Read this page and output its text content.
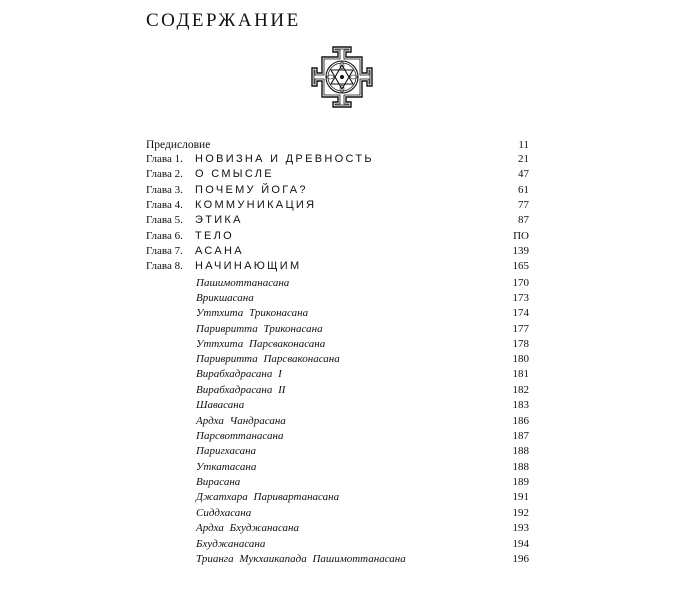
СОДЕРЖАНИЕ
Предисловие	11
Глава 1. НОВИЗНА И ДРЕВНОСТЬ	21
Глава 2. О СМЫСЛЕ	47
Глава 3. ПОЧЕМУ ЙОГА?	61
Глава 4. КОММУНИКАЦИЯ	77
Глава 5. ЭТИКА	87
Глава 6. ТЕЛО	ПО
Глава 7. АСАНА	139
Глава 8. НАЧИНАЮЩИМ	165
Пашимоттанасана	170
Врикшасана	173
Уттхита Триконасана	174
Паривритта Триконасана	177
Уттхита Парсваконасана	178
Паривритта Парсваконасана	180
Вирабхадрасана I	181
Вирабхадрасана II	182
Шавасана	183
Ардха Чандрасана	186
Парсвоттанасана	187
Паригхасана	188
Уткатасана	188
Вирасана	189
Джатхара Паривартанасана	191
Сиддхасана	192
Ардха Бхуджанасана	193
Бхуджанасана	194
Трианга Мукхаикапада Пашимоттанасана	196
